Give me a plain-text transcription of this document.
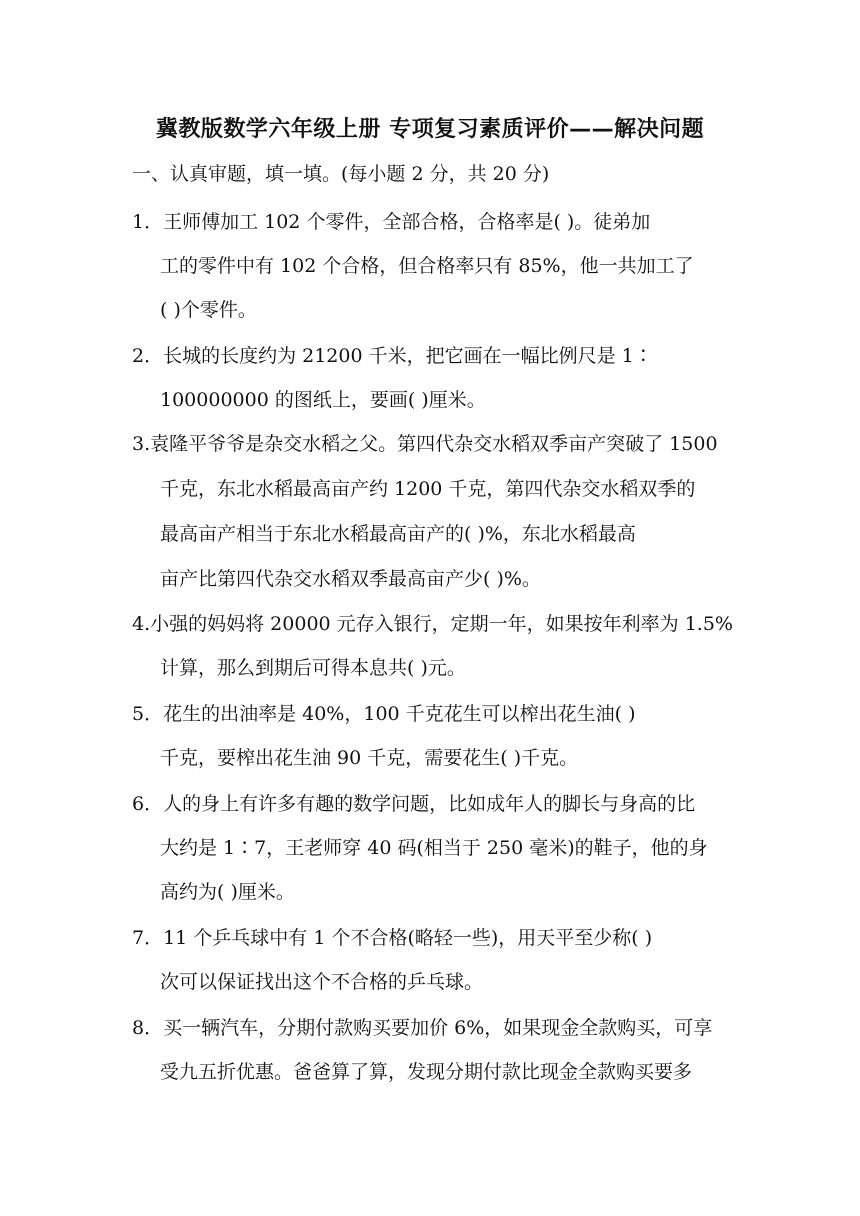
冀教版数学六年级上册 专项复习素质评价——解决问题
一、认真审题，填一填。(每小题 2 分，共 20 分)
1．王师傅加工 102 个零件，全部合格，合格率是( )。徒弟加
工的零件中有 102 个合格，但合格率只有 85%，他一共加工了
( )个零件。
2．长城的长度约为 21200 千米，把它画在一幅比例尺是 1∶
100000000 的图纸上，要画( )厘米。
3.袁隆平爷爷是杂交水稻之父。第四代杂交水稻双季亩产突破了 1500
千克，东北水稻最高亩产约 1200 千克，第四代杂交水稻双季的
最高亩产相当于东北水稻最高亩产的( )%，东北水稻最高
亩产比第四代杂交水稻双季最高亩产少( )%。
4.小强的妈妈将 20000 元存入银行，定期一年，如果按年利率为 1.5%
计算，那么到期后可得本息共( )元。
5．花生的出油率是 40%，100 千克花生可以榨出花生油( )
千克，要榨出花生油 90 千克，需要花生( )千克。
6．人的身上有许多有趣的数学问题，比如成年人的脚长与身高的比
大约是 1∶7，王老师穿 40 码(相当于 250 毫米)的鞋子，他的身
高约为( )厘米。
7．11 个乒乓球中有 1 个不合格(略轻一些)，用天平至少称( )
次可以保证找出这个不合格的乒乓球。
8．买一辆汽车，分期付款购买要加价 6%，如果现金全款购买，可享
受九五折优惠。爸爸算了算，发现分期付款比现金全款购买要多
